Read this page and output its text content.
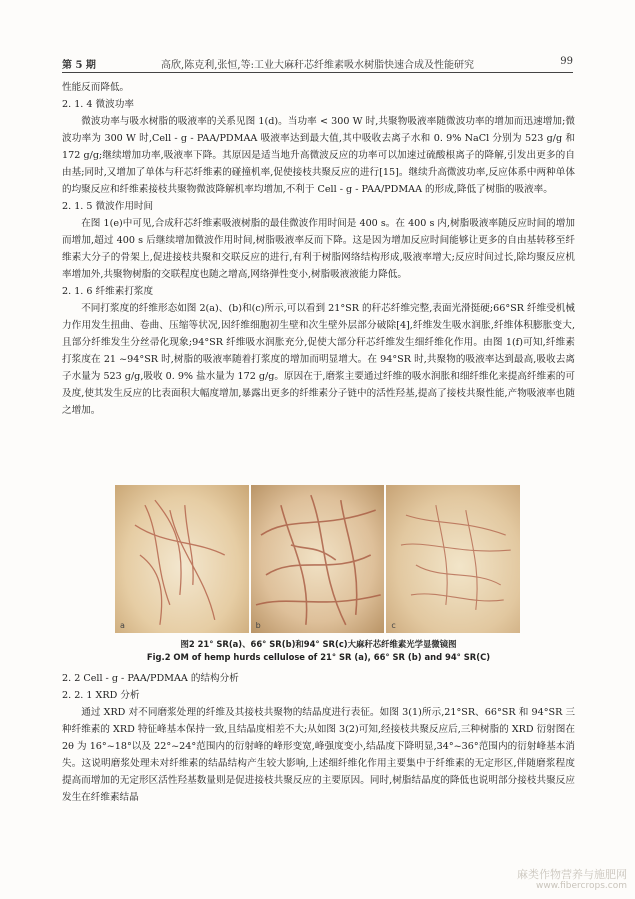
第 5 期	高欣,陈克利,张恒,等:工业大麻秆芯纤维素吸水树脂快速合成及性能研究	99

性能反而降低。

2. 1. 4 微波功率

微波功率与吸水树脂的吸液率的关系见图 1(d)。当功率 < 300 W 时,共聚物吸液率随微波功率的增加而迅速增加;微波功率为 300 W 时,Cell - g - PAA/PDMAA 吸液率达到最大值,其中吸收去离子水和 0. 9% NaCl 分别为 523 g/g 和 172 g/g;继续增加功率,吸液率下降。其原因是适当地升高微波反应的功率可以加速过硫酸根离子的降解,引发出更多的自由基;同时,又增加了单体与秆芯纤维素的碰撞机率,促使接枝共聚反应的进行[15]。继续升高微波功率,反应体系中两种单体的均聚反应和纤维素接枝共聚物微波降解机率均增加,不利于 Cell - g - PAA/PDMAA 的形成,降低了树脂的吸液率。

2. 1. 5 微波作用时间

在图 1(e)中可见,合成秆芯纤维素吸液树脂的最佳微波作用时间是 400 s。在 400 s 内,树脂吸液率随反应时间的增加而增加,超过 400 s 后继续增加微波作用时间,树脂吸液率反而下降。这是因为增加反应时间能够让更多的自由基转移至纤维素大分子的骨架上,促进接枝共聚和交联反应的进行,有利于树脂网络结构形成,吸液率增大;反应时间过长,除均聚反应机率增加外,共聚物树脂的交联程度也随之增高,网络弹性变小,树脂吸液液能力降低。

2. 1. 6 纤维素打浆度

不同打浆度的纤维形态如图 2(a)、(b)和(c)所示,可以看到 21°SR 的秆芯纤维完整,表面光滑挺硬;66°SR 纤维受机械力作用发生扭曲、卷曲、压缩等状况,因纤维细胞初生壁和次生壁外层部分破除[4],纤维发生吸水润胀,纤维体积膨胀变大,且部分纤维发生分丝帚化现象;94°SR 纤维吸水润胀充分,促使大部分秆芯纤维发生细纤维化作用。由图 1(f)可知,纤维素打浆度在 21 ~94°SR 时,树脂的吸液率随着打浆度的增加而明显增大。在 94°SR 时,共聚物的吸液率达到最高,吸收去离子水量为 523 g/g,吸收 0. 9% 盐水量为 172 g/g。原因在于,磨浆主要通过纤维的吸水润胀和细纤维化来提高纤维素的可及度,使其发生反应的比表面积大幅度增加,暴露出更多的纤维素分子链中的活性羟基,提高了接枝共聚性能,产物吸液率也随之增加。

a	b	c
图2 21° SR(a)、66° SR(b)和94° SR(c)大麻秆芯纤维素光学显微镜图
Fig.2 OM of hemp hurds cellulose of 21° SR (a), 66° SR (b) and 94° SR(C)

2. 2 Cell - g - PAA/PDMAA 的结构分析

2. 2. 1 XRD 分析

通过 XRD 对不同磨浆处理的纤维及其接枝共聚物的结晶度进行表征。如图 3(1)所示,21°SR、66°SR 和 94°SR 三种纤维素的 XRD 特征峰基本保持一致,且结晶度相差不大;从如图 3(2)可知,经接枝共聚反应后,三种树脂的 XRD 衍射图在 2θ 为 16°~18°以及 22°~24°范围内的衍射峰的峰形变宽,峰强度变小,结晶度下降明显,34°~36°范围内的衍射峰基本消失。这说明磨浆处理未对纤维素的结晶结构产生较大影响,上述细纤维化作用主要集中于纤维素的无定形区,伴随磨浆程度提高而增加的无定形区活性羟基数量则是促进接枝共聚反应的主要原因。同时,树脂结晶度的降低也说明部分接枝共聚反应发生在纤维素结晶

麻类作物营养与施肥网
www.fibercrops.com
